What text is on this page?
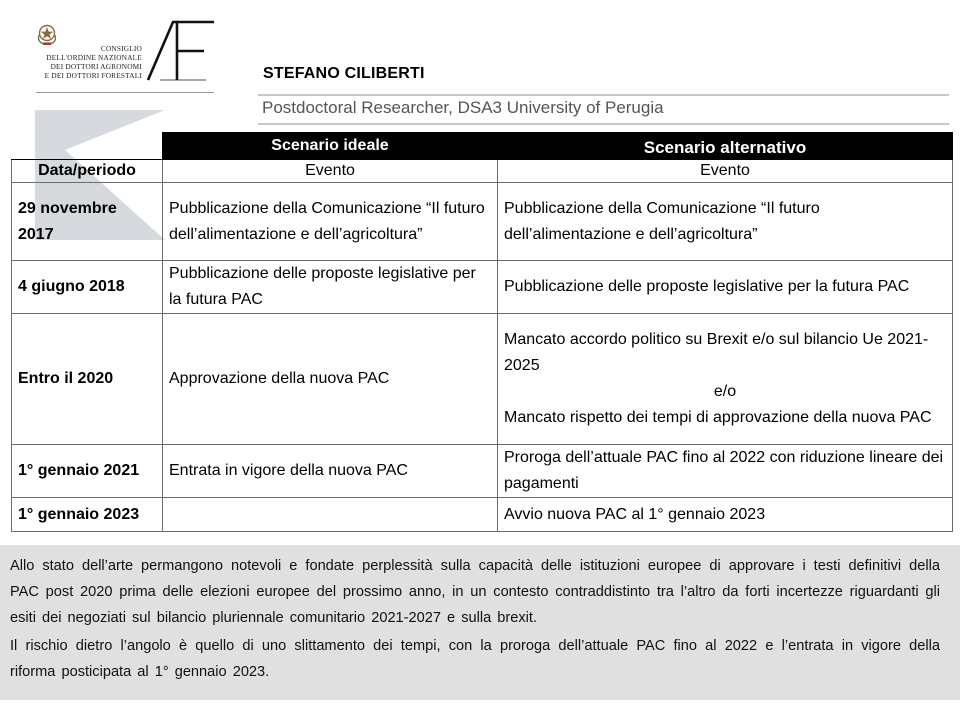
CONSIGLIO
DELL'ORDINE NAZIONALE
DEI DOTTORI AGRONOMI
E DEI DOTTORI FORESTALI	STEFANO CILIBERTI
Postdoctoral Researcher, DSA3 University of Perugia
	Scenario ideale	Scenario alternativo
Data/periodo	Evento	Evento
29 novembre 2017	Pubblicazione della Comunicazione “Il futuro dell’alimentazione e dell’agricoltura”	Pubblicazione della Comunicazione “Il futuro dell’alimentazione e dell’agricoltura”
4 giugno 2018	Pubblicazione delle proposte legislative per la futura PAC	Pubblicazione delle proposte legislative per la futura PAC
Entro il 2020	Approvazione della nuova PAC	Mancato accordo politico su Brexit e/o sul bilancio Ue 2021-2025
e/o
Mancato rispetto dei tempi di approvazione della nuova PAC

1° gennaio 2021	Entrata in vigore della nuova PAC	Proroga dell’attuale PAC fino al 2022 con riduzione lineare dei pagamenti
1° gennaio 2023		Avvio nuova PAC al 1° gennaio 2023

Allo stato dell’arte permangono notevoli e fondate perplessità sulla capacità delle istituzioni europee di approvare i testi definitivi della PAC post 2020 prima delle elezioni europee del prossimo anno, in un contesto contraddistinto tra l’altro da forti incertezze riguardanti gli esiti dei negoziati sul bilancio pluriennale comunitario 2021-2027 e sulla brexit.

Il rischio dietro l’angolo è quello di uno slittamento dei tempi, con la proroga dell’attuale PAC fino al 2022 e l’entrata in vigore della riforma posticipata al 1° gennaio 2023.
